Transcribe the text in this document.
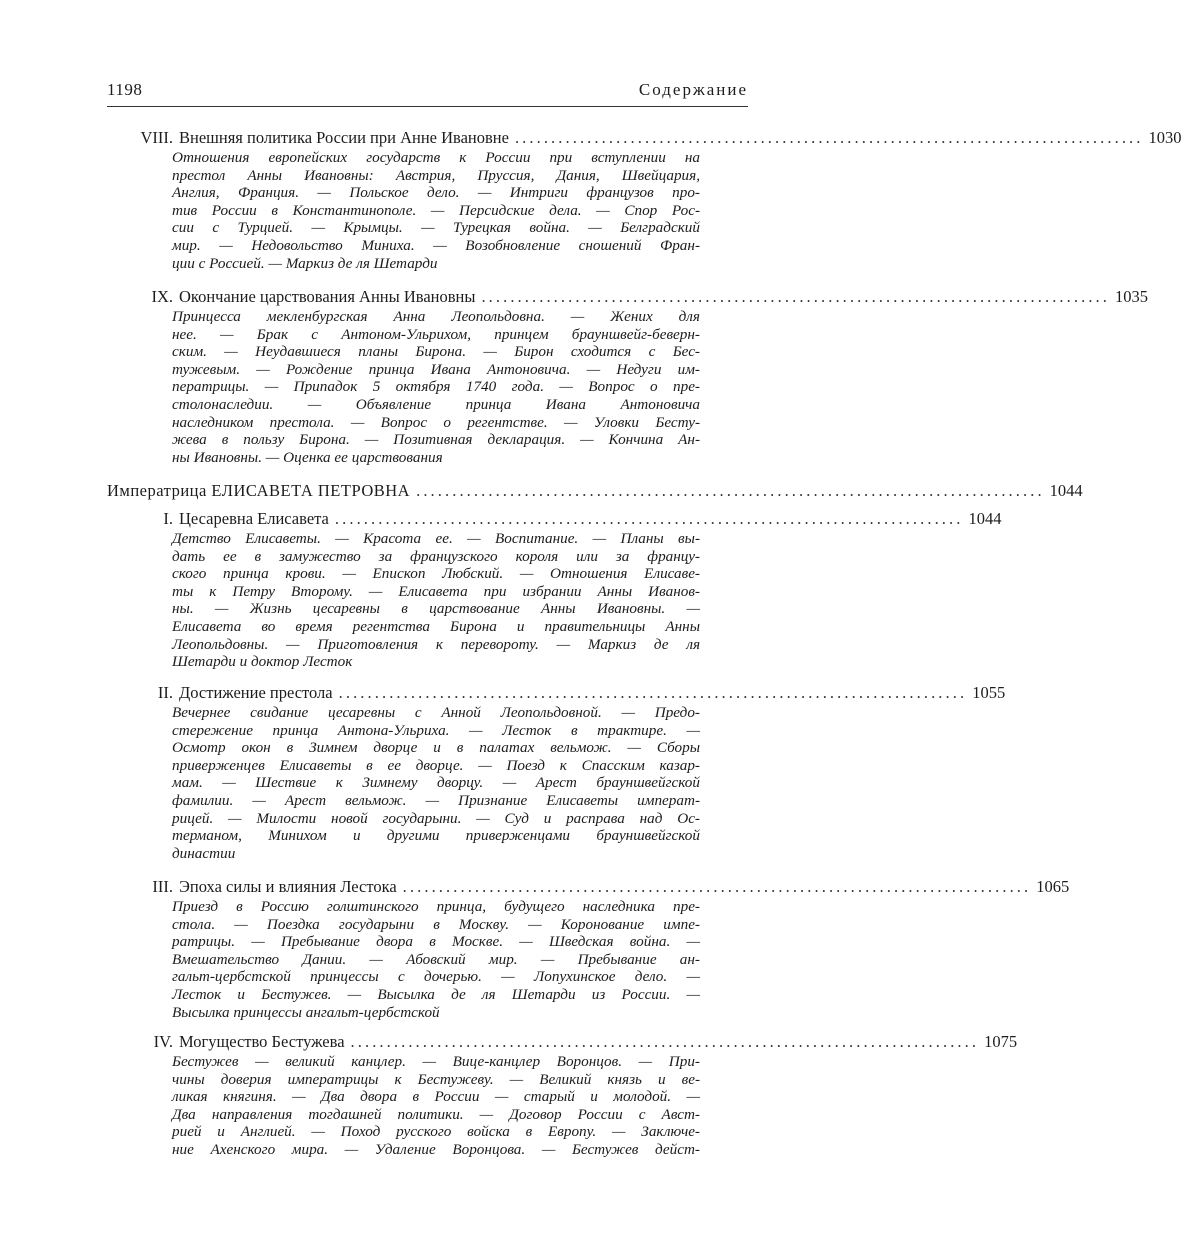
1198	Содержание
VIII. Внешняя политика России при Анне Ивановне ....................................................................................... 1030
Отношения европейских государств к России при вступлении на
престол Анны Ивановны: Австрия, Пруссия, Дания, Швейцария,
Англия, Франция. — Польское дело. — Интриги французов про-
тив России в Константинополе. — Персидские дела. — Спор Рос-
сии с Турцией. — Крымцы. — Турецкая война. — Белградский
мир. — Недовольство Миниха. — Возобновление сношений Фран-
ции с Россией. — Маркиз де ля Шетарди
IX. Окончание царствования Анны Ивановны ....................................................................................... 1035
Принцесса мекленбургская Анна Леопольдовна. — Жених для
нее. — Брак с Антоном-Ульрихом, принцем брауншвейг-беверн-
ским. — Неудавшиеся планы Бирона. — Бирон сходится с Бес-
тужевым. — Рождение принца Ивана Антоновича. — Недуги им-
ператрицы. — Припадок 5 октября 1740 года. — Вопрос о пре-
столонаследии. — Объявление принца Ивана Антоновича
наследником престола. — Вопрос о регентстве. — Уловки Бесту-
жева в пользу Бирона. — Позитивная декларация. — Кончина Ан-
ны Ивановны. — Оценка ее царствования
Императрица ЕЛИСАВЕТА ПЕТРОВНА ....................................................................................... 1044
I. Цесаревна Елисавета ....................................................................................... 1044
Детство Елисаветы. — Красота ее. — Воспитание. — Планы вы-
дать ее в замужество за французского короля или за францу-
ского принца крови. — Епископ Любский. — Отношения Елисаве-
ты к Петру Второму. — Елисавета при избрании Анны Иванов-
ны. — Жизнь цесаревны в царствование Анны Ивановны. —
Елисавета во время регентства Бирона и правительницы Анны
Леопольдовны. — Приготовления к перевороту. — Маркиз де ля
Шетарди и доктор Лесток
II. Достижение престола ....................................................................................... 1055
Вечернее свидание цесаревны с Анной Леопольдовной. — Предо-
стережение принца Антона-Ульриха. — Лесток в трактире. —
Осмотр окон в Зимнем дворце и в палатах вельмож. — Сборы
приверженцев Елисаветы в ее дворце. — Поезд к Спасским казар-
мам. — Шествие к Зимнему дворцу. — Арест брауншвейгской
фамилии. — Арест вельмож. — Признание Елисаветы императ-
рицей. — Милости новой государыни. — Суд и расправа над Ос-
терманом, Минихом и другими приверженцами брауншвейгской
династии
III. Эпоха силы и влияния Лестока ....................................................................................... 1065
Приезд в Россию голштинского принца, будущего наследника пре-
стола. — Поездка государыни в Москву. — Коронование импе-
ратрицы. — Пребывание двора в Москве. — Шведская война. —
Вмешательство Дании. — Абовский мир. — Пребывание ан-
гальт-цербстской принцессы с дочерью. — Лопухинское дело. —
Лесток и Бестужев. — Высылка де ля Шетарди из России. —
Высылка принцессы ангальт-цербстской
IV. Могущество Бестужева ....................................................................................... 1075
Бестужев — великий канцлер. — Вице-канцлер Воронцов. — При-
чины доверия императрицы к Бестужеву. — Великий князь и ве-
ликая княгиня. — Два двора в России — старый и молодой. —
Два направления тогдашней политики. — Договор России с Авст-
рией и Англией. — Поход русского войска в Европу. — Заключе-
ние Ахенского мира. — Удаление Воронцова. — Бестужев дейст-
